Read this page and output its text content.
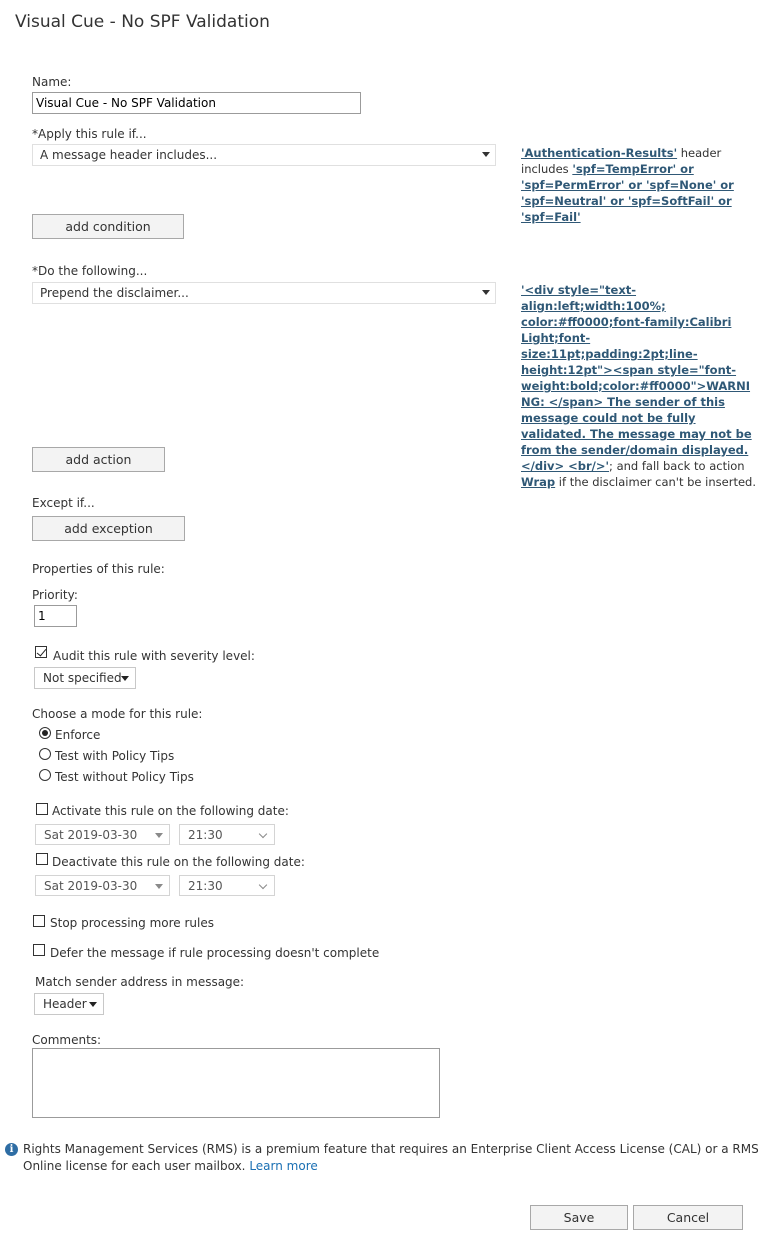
Visual Cue - No SPF Validation
Name:
Visual Cue - No SPF Validation
*Apply this rule if...
A message header includes...	'Authentication-Results' header includes 'spf=TempError' or 'spf=PermError' or 'spf=None' or 'spf=Neutral' or 'spf=SoftFail' or 'spf=Fail'
add condition
*Do the following...
Prepend the disclaimer...	'<div style="text-align:left;width:100%; color:#ff0000;font-family:Calibri Light;font-size:11pt;padding:2pt;line-height:12pt"><span style="font-weight:bold;color:#ff0000">WARNING: </span> The sender of this message could not be fully validated. The message may not be from the sender/domain displayed. </div> <br/>'; and fall back to action Wrap if the disclaimer can't be inserted.
add action
Except if...
add exception
Properties of this rule:
Priority:
1
Audit this rule with severity level:
Not specified
Choose a mode for this rule:
Enforce
Test with Policy Tips
Test without Policy Tips
Activate this rule on the following date:
Sat 2019-03-30	21:30
Deactivate this rule on the following date:
Sat 2019-03-30	21:30
Stop processing more rules
Defer the message if rule processing doesn't complete
Match sender address in message:
Header
Comments:
i Rights Management Services (RMS) is a premium feature that requires an Enterprise Client Access License (CAL) or a RMS Online license for each user mailbox. Learn more
Save	Cancel
